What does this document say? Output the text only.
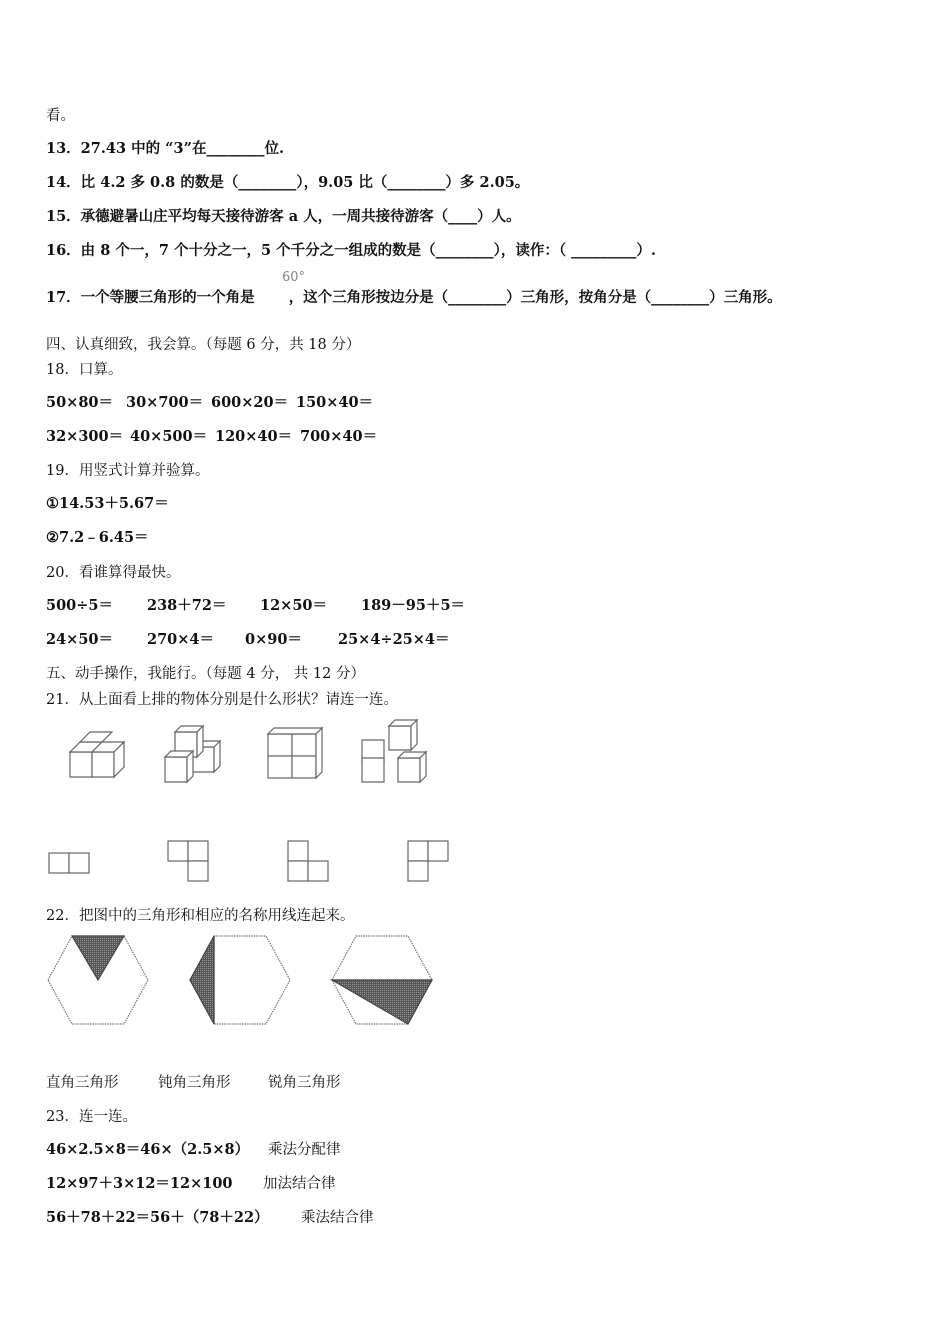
看。
13．27.43 中的 “3”在________位.
14．比 4.2 多 0.8 的数是（________），9.05 比（________）多 2.05。
15．承德避暑山庄平均每天接待游客 a 人，一周共接待游客（____）人。
16．由 8 个一，7 个十分之一，5 个千分之一组成的数是（________），读作：（ _________）.
17．一个等腰三角形的一个角是 ，这个三角形按边分是（________）三角形，按角分是（________）三角形。
60°
四、认真细致，我会算。（每题 6 分，共 18 分）
18．口算。
50×80＝ 30×700＝ 600×20＝ 150×40＝
32×300＝ 40×500＝ 120×40＝ 700×40＝
19．用竖式计算并验算。
①14.53＋5.67＝
②7.2﹣6.45＝
20．看谁算得最快。
500÷5＝ 238＋72＝ 12×50＝ 189－95＋5＝
24×50＝ 270×4＝ 0×90＝ 25×4÷25×4＝
五、动手操作，我能行。（每题 4 分， 共 12 分）
21．从上面看上排的物体分别是什么形状？请连一连。
22．把图中的三角形和相应的名称用线连起来。
直角三角形	钝角三角形	锐角三角形
23．连一连。
46×2.5×8＝46×（2.5×8） 乘法分配律
12×97＋3×12＝12×100 加法结合律
56＋78＋22＝56＋（78＋22） 乘法结合律
